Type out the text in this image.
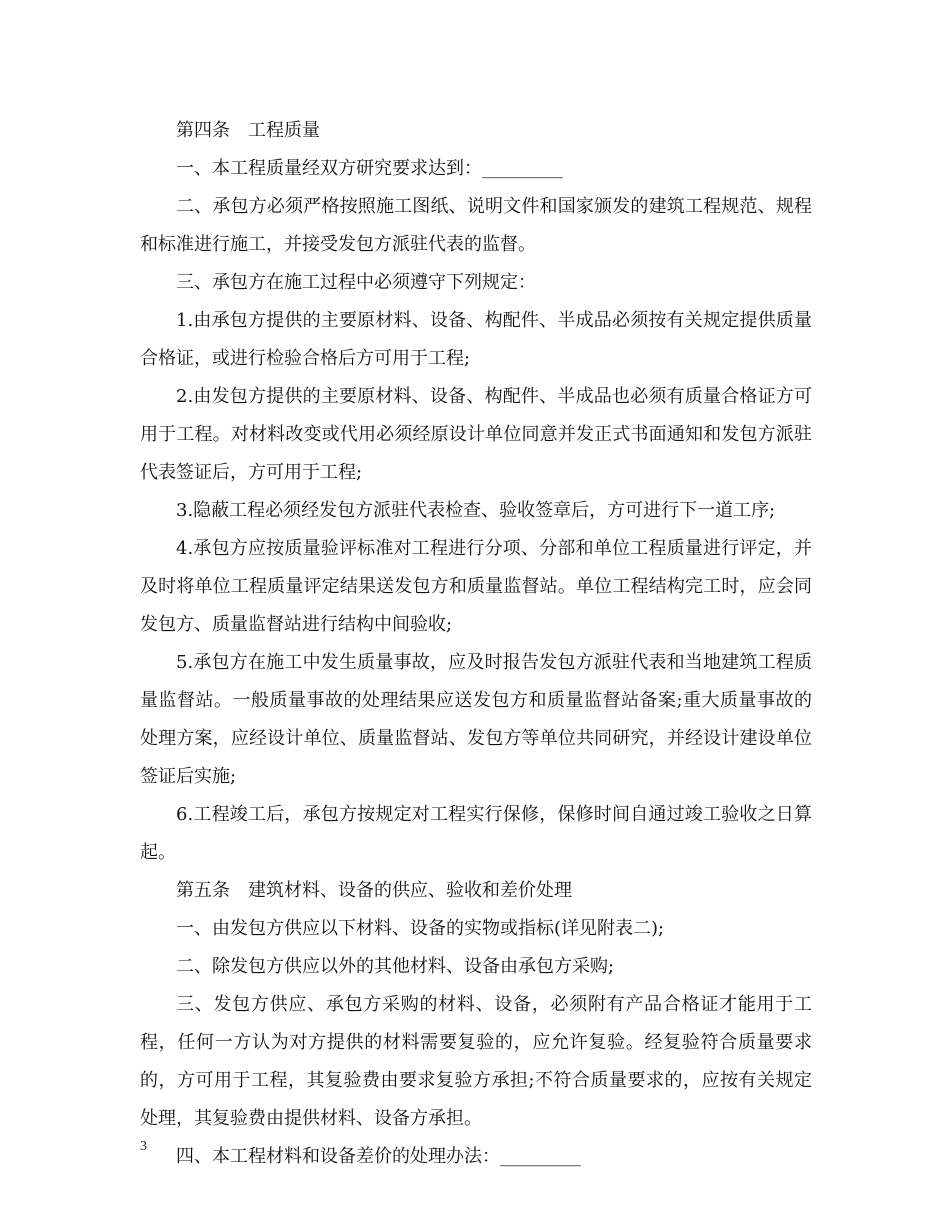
第四条　工程质量

一、本工程质量经双方研究要求达到：_________

二、承包方必须严格按照施工图纸、说明文件和国家颁发的建筑工程规范、规程和标准进行施工，并接受发包方派驻代表的监督。

三、承包方在施工过程中必须遵守下列规定：

1.由承包方提供的主要原材料、设备、构配件、半成品必须按有关规定提供质量合格证，或进行检验合格后方可用于工程;

2.由发包方提供的主要原材料、设备、构配件、半成品也必须有质量合格证方可用于工程。对材料改变或代用必须经原设计单位同意并发正式书面通知和发包方派驻代表签证后，方可用于工程;

3.隐蔽工程必须经发包方派驻代表检查、验收签章后，方可进行下一道工序;

4.承包方应按质量验评标准对工程进行分项、分部和单位工程质量进行评定，并及时将单位工程质量评定结果送发包方和质量监督站。单位工程结构完工时，应会同发包方、质量监督站进行结构中间验收;

5.承包方在施工中发生质量事故，应及时报告发包方派驻代表和当地建筑工程质量监督站。一般质量事故的处理结果应送发包方和质量监督站备案;重大质量事故的处理方案，应经设计单位、质量监督站、发包方等单位共同研究，并经设计建设单位签证后实施;

6.工程竣工后，承包方按规定对工程实行保修，保修时间自通过竣工验收之日算起。

第五条　建筑材料、设备的供应、验收和差价处理

一、由发包方供应以下材料、设备的实物或指标(详见附表二);

二、除发包方供应以外的其他材料、设备由承包方采购;

三、发包方供应、承包方采购的材料、设备，必须附有产品合格证才能用于工程，任何一方认为对方提供的材料需要复验的，应允许复验。经复验符合质量要求的，方可用于工程，其复验费由要求复验方承担;不符合质量要求的，应按有关规定处理，其复验费由提供材料、设备方承担。

四、本工程材料和设备差价的处理办法：_________

3
